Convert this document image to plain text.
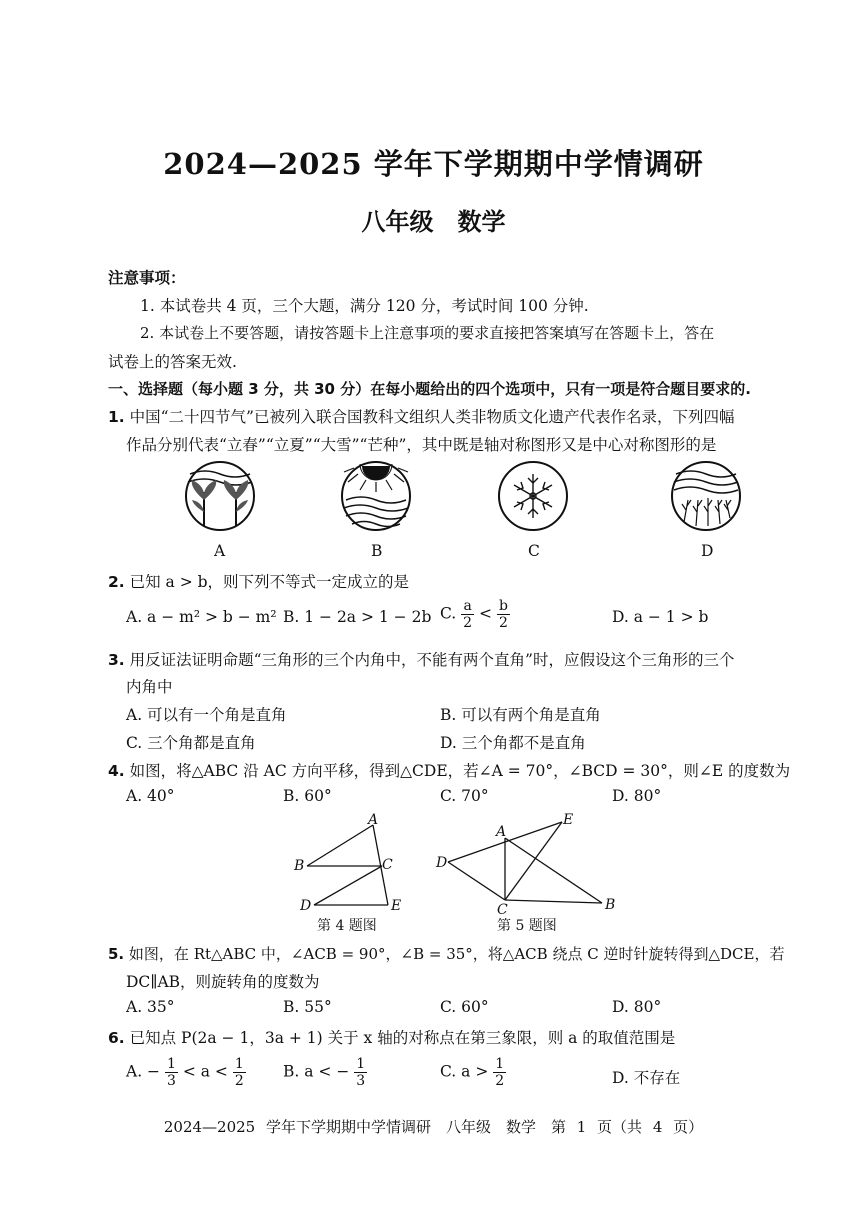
2024—2025 学年下学期期中学情调研
八年级　数学
注意事项：
1. 本试卷共 4 页，三个大题，满分 120 分，考试时间 100 分钟.
2. 本试卷上不要答题，请按答题卡上注意事项的要求直接把答案填写在答题卡上，答在
试卷上的答案无效.
一、选择题（每小题 3 分，共 30 分）在每小题给出的四个选项中，只有一项是符合题目要求的.
1. 中国“二十四节气”已被列入联合国教科文组织人类非物质文化遗产代表作名录，下列四幅
作品分别代表“立春”“立夏”“大雪”“芒种”，其中既是轴对称图形又是中心对称图形的是
A	B	C	D
2. 已知 a > b，则下列不等式一定成立的是
A. a − m² > b − m² B. 1 − 2a > 1 − 2b C. $\frac{a}{2} < \frac{b}{2}$	D. a − 1 > b
3. 用反证法证明命题“三角形的三个内角中，不能有两个直角”时，应假设这个三角形的三个
内角中
A. 可以有一个角是直角	B. 可以有两个角是直角
C. 三个角都是直角	D. 三个角都不是直角
4. 如图，将△ABC 沿 AC 方向平移，得到△CDE，若∠A = 70°，∠BCD = 30°，则∠E 的度数为
A. 40°	B. 60°	C. 70°	D. 80°
A
B	C
D	E
第 4 题图
A
E
D
C	B
第 5 题图
5. 如图，在 Rt△ABC 中，∠ACB = 90°，∠B = 35°，将△ACB 绕点 C 逆时针旋转得到△DCE，若
DC∥AB，则旋转角的度数为
A. 35°	B. 55°	C. 60°	D. 80°
6. 已知点 P(2a − 1，3a + 1) 关于 x 轴的对称点在第三象限，则 a 的取值范围是
A. − $\frac{1}{3} < a < \frac{1}{2} B$. a < − $\frac{1}{3}$	C. $a > \frac{1}{2}$	D. 不存在
2024—2025 学年下学期期中学情调研　八年级　数学　第 1 页（共 4 页）
